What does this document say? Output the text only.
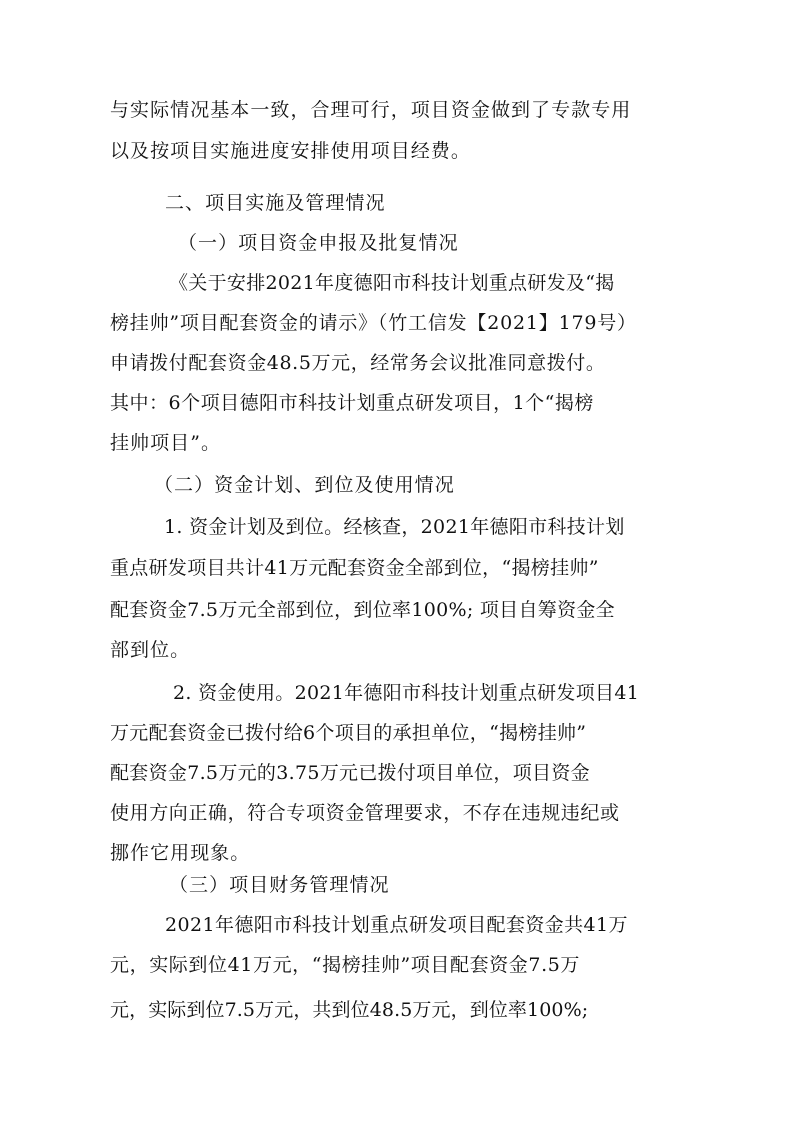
与实际情况基本一致，合理可行，项目资金做到了专款专用

以及按项目实施进度安排使用项目经费。

二、项目实施及管理情况

（一）项目资金申报及批复情况

《关于安排2021年度德阳市科技计划重点研发及“揭

榜挂帅”项目配套资金的请示》（竹工信发【2021】179号）

申请拨付配套资金48.5万元，经常务会议批准同意拨付。

其中：6个项目德阳市科技计划重点研发项目，1个“揭榜

挂帅项目”。

（二）资金计划、到位及使用情况

1. 资金计划及到位。经核查，2021年德阳市科技计划

重点研发项目共计41万元配套资金全部到位，“揭榜挂帅”

配套资金7.5万元全部到位，到位率100%; 项目自筹资金全

部到位。

2. 资金使用。2021年德阳市科技计划重点研发项目41

万元配套资金已拨付给6个项目的承担单位，“揭榜挂帅”

配套资金7.5万元的3.75万元已拨付项目单位，项目资金

使用方向正确，符合专项资金管理要求，不存在违规违纪或

挪作它用现象。

（三）项目财务管理情况

2021年德阳市科技计划重点研发项目配套资金共41万

元，实际到位41万元，“揭榜挂帅”项目配套资金7.5万

元，实际到位7.5万元，共到位48.5万元，到位率100%;
